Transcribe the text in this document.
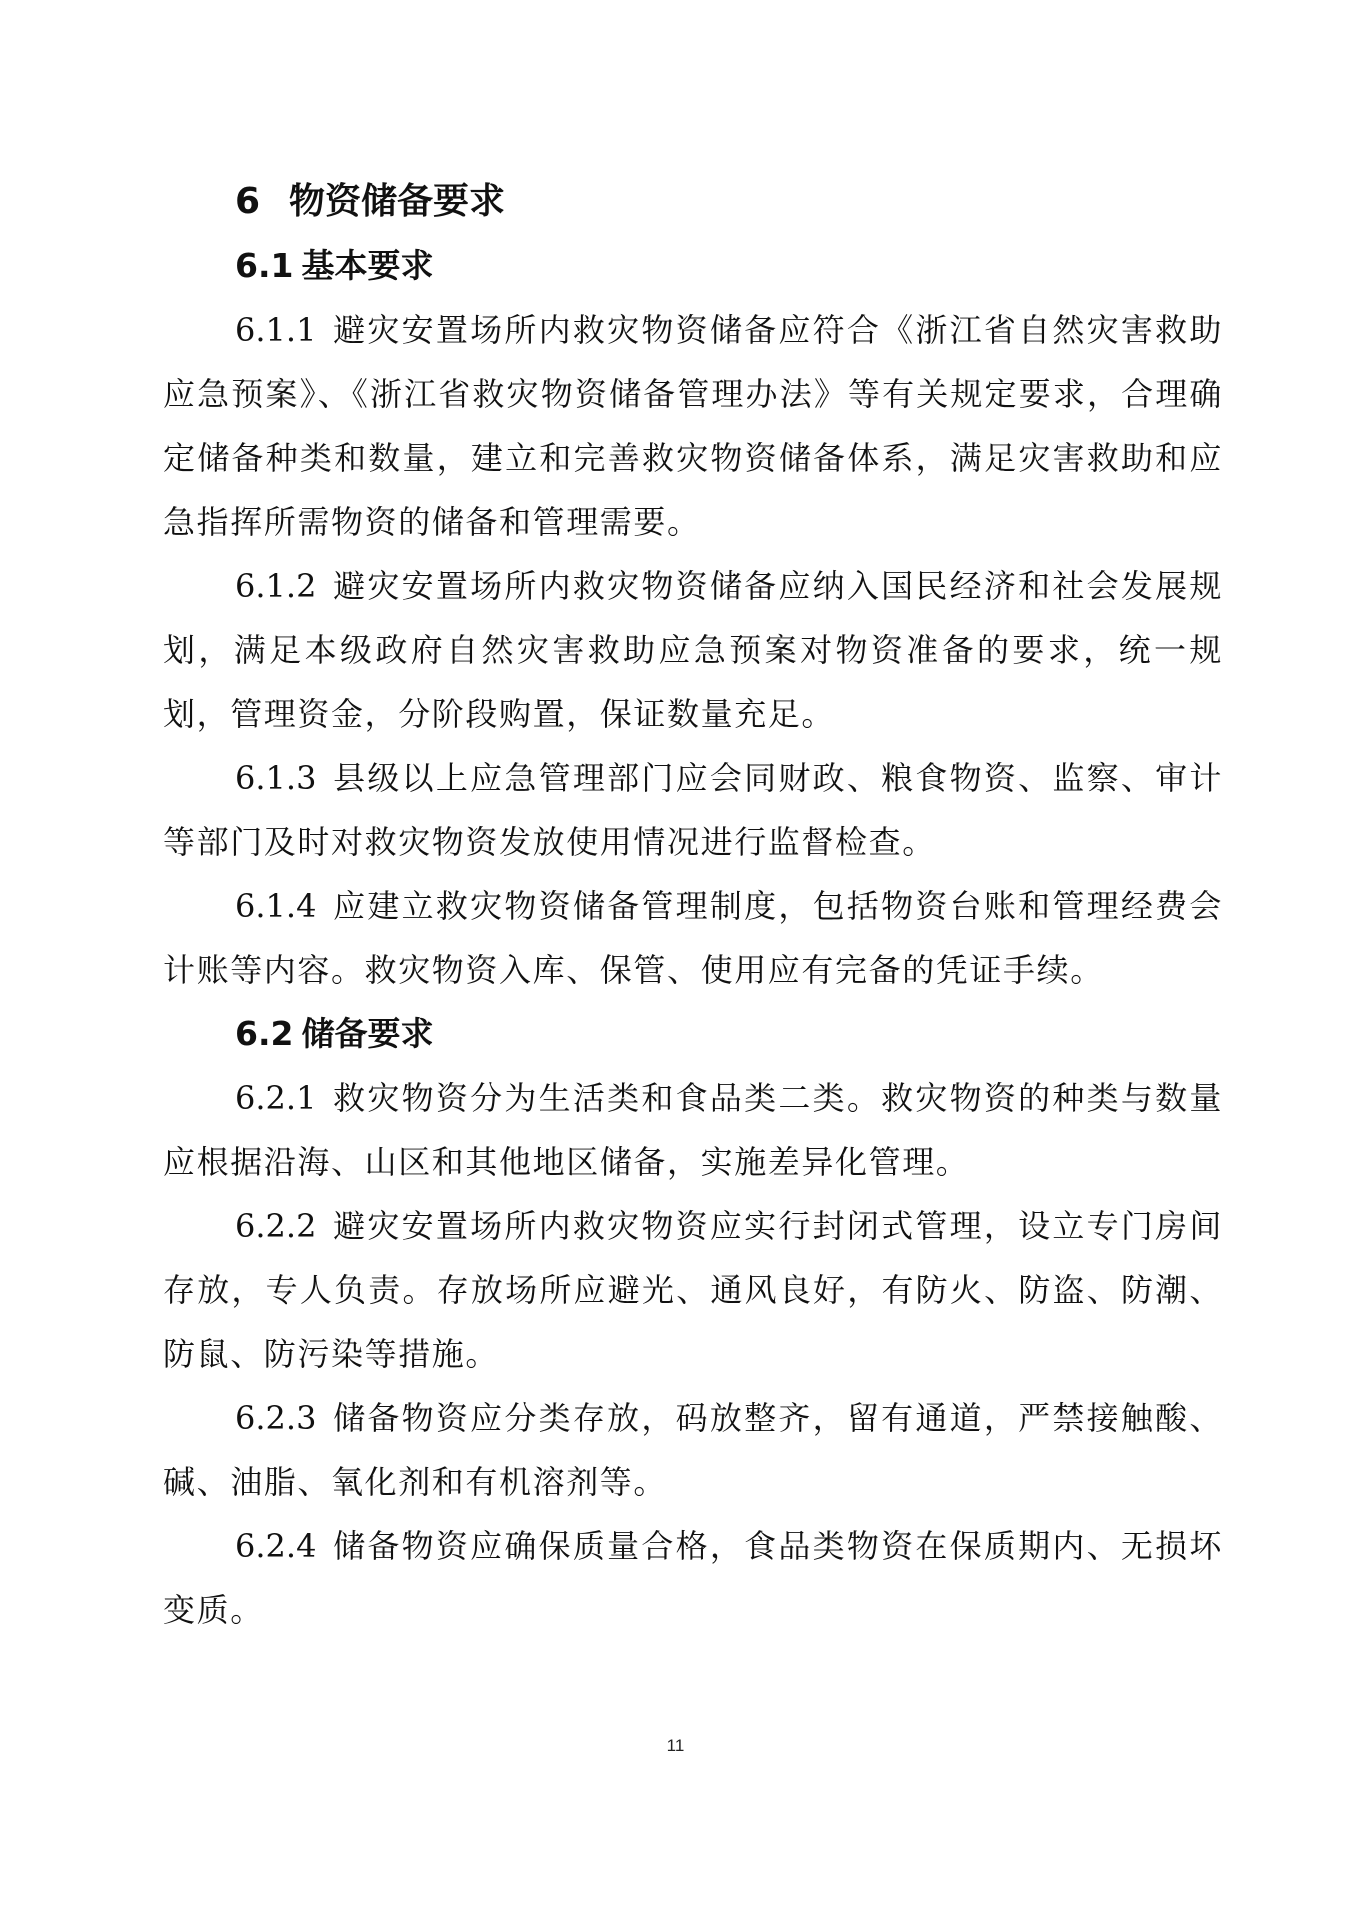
6 物资储备要求
6.1 基本要求

6.1.1 避灾安置场所内救灾物资储备应符合《浙江省自然灾害救助应急预案》、《浙江省救灾物资储备管理办法》等有关规定要求，合理确定储备种类和数量，建立和完善救灾物资储备体系，满足灾害救助和应急指挥所需物资的储备和管理需要。

6.1.2 避灾安置场所内救灾物资储备应纳入国民经济和社会发展规划，满足本级政府自然灾害救助应急预案对物资准备的要求，统一规划，管理资金，分阶段购置，保证数量充足。

6.1.3 县级以上应急管理部门应会同财政、粮食物资、监察、审计等部门及时对救灾物资发放使用情况进行监督检查。

6.1.4 应建立救灾物资储备管理制度，包括物资台账和管理经费会计账等内容。救灾物资入库、保管、使用应有完备的凭证手续。

6.2 储备要求

6.2.1 救灾物资分为生活类和食品类二类。救灾物资的种类与数量应根据沿海、山区和其他地区储备，实施差异化管理。

6.2.2 避灾安置场所内救灾物资应实行封闭式管理，设立专门房间存放，专人负责。存放场所应避光、通风良好，有防火、防盗、防潮、防鼠、防污染等措施。

6.2.3 储备物资应分类存放，码放整齐，留有通道，严禁接触酸、碱、油脂、氧化剂和有机溶剂等。

6.2.4 储备物资应确保质量合格，食品类物资在保质期内、无损坏变质。

11
